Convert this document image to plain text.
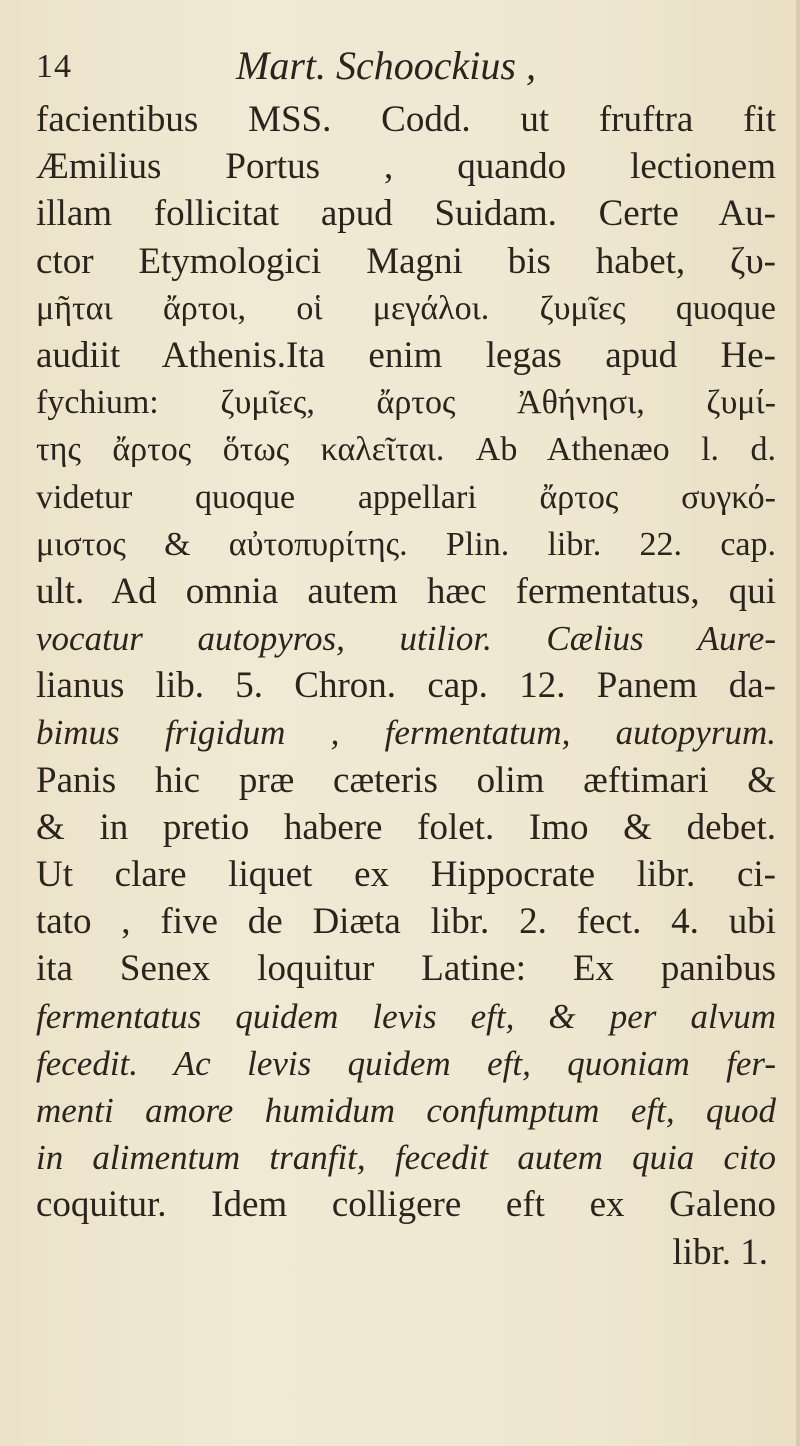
14	Mart. Schoockius ,
facientibus MSS. Codd. ut fruftra fit
Æmilius Portus , quando lectionem
illam follicitat apud Suidam. Certe Au-
ctor Etymologici Magni bis habet, ζυ-
μῆται ἄρτοι, οἱ μεγάλοι. ζυμῖες quoque
audiit Athenis.Ita enim legas apud He-
fychium: ζυμῖες, ἄρτος Ἀθήνησι, ζυμί-
της ἄρτος ὅτως καλεῖται. Ab Athenæo l. d.
videtur quoque appellari ἄρτος συγκό-
μιστος & αὐτοπυρίτης. Plin. libr. 22. cap.
ult. Ad omnia autem hæc fermentatus, qui
vocatur autopyros, utilior. Cælius Aure-
lianus lib. 5. Chron. cap. 12. Panem da-
bimus frigidum , fermentatum, autopyrum.
Panis hic præ cæteris olim æftimari &
& in pretio habere folet. Imo & debet.
Ut clare liquet ex Hippocrate libr. ci-
tato , five de Diæta libr. 2. fect. 4. ubi
ita Senex loquitur Latine: Ex panibus
fermentatus quidem levis eft, & per alvum
fecedit. Ac levis quidem eft, quoniam fer-
menti amore humidum confumptum eft, quod
in alimentum tranfit, fecedit autem quia cito
coquitur. Idem colligere eft ex Galeno
libr. 1.
